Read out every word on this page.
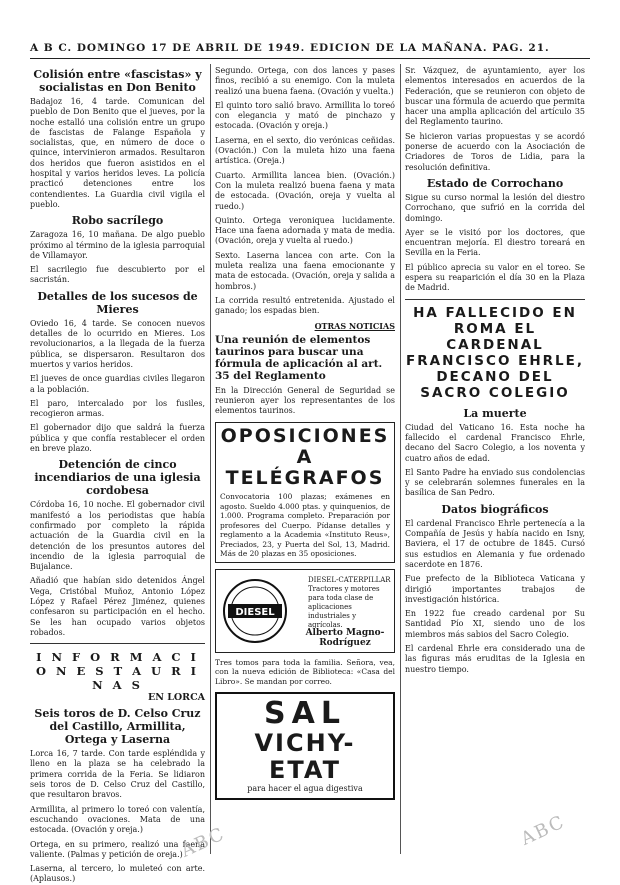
A B C. DOMINGO 17 DE ABRIL DE 1949. EDICION DE LA MAÑANA. PAG. 21.
Colisión entre «fascistas» y socialistas en Don Benito

Badajoz 16, 4 tarde. Comunican del pueblo de Don Benito que el jueves, por la noche estalló una colisión entre un grupo de fascistas de Falange Española y socialistas, que, en número de doce o quince, intervinieron armados. Resultaron dos heridos que fueron asistidos en el hospital y varios heridos leves. La policía practicó detenciones entre los contendientes. La Guardia civil vigila el pueblo.

Robo sacrílego

Zaragoza 16, 10 mañana. De algo pueblo próximo al término de la iglesia parroquial de Villamayor.

El sacrilegio fue descubierto por el sacristán.

Detalles de los sucesos de Mieres

Oviedo 16, 4 tarde. Se conocen nuevos detalles de lo ocurrido en Mieres. Los revolucionarios, a la llegada de la fuerza pública, se dispersaron. Resultaron dos muertos y varios heridos.

El jueves de once guardias civiles llegaron a la población.

El paro, intercalado por los fusiles, recogieron armas.

El gobernador dijo que saldrá la fuerza pública y que confía restablecer el orden en breve plazo.

Detención de cinco incendiarios de una iglesia cordobesa

Córdoba 16, 10 noche. El gobernador civil manifestó a los periodistas que había confirmado por completo la rápida actuación de la Guardia civil en la detención de los presuntos autores del incendio de la iglesia parroquial de Bujalance.

Añadió que habían sido detenidos Ángel Vega, Cristóbal Muñoz, Antonio López López y Rafael Pérez Jiménez, quienes confesaron su participación en el hecho. Se les han ocupado varios objetos robados.

I N F O R M A C I O N E S T A U R I N A S
EN LORCA
Seis toros de D. Celso Cruz del Castillo, Armillita, Ortega y Laserna

Lorca 16, 7 tarde. Con tarde espléndida y lleno en la plaza se ha celebrado la primera corrida de la Feria. Se lidiaron seis toros de D. Celso Cruz del Castillo, que resultaron bravos.

Armillita, al primero lo toreó con valentía, escuchando ovaciones. Mata de una estocada. (Ovación y oreja.)

Ortega, en su primero, realizó una faena valiente. (Palmas y petición de oreja.)

Laserna, al tercero, lo muleteó con arte. (Aplausos.)

Segundo. Ortega, con dos lances y pases finos, recibió a su enemigo. Con la muleta realizó una buena faena. (Ovación y vuelta.)

El quinto toro salió bravo. Armillita lo toreó con elegancia y mató de pinchazo y estocada. (Ovación y oreja.)

Laserna, en el sexto, dio verónicas ceñidas. (Ovación.) Con la muleta hizo una faena artística. (Oreja.)

Cuarto. Armillita lancea bien. (Ovación.) Con la muleta realizó buena faena y mata de estocada. (Ovación, oreja y vuelta al ruedo.)

Quinto. Ortega veroniquea lucidamente. Hace una faena adornada y mata de media. (Ovación, oreja y vuelta al ruedo.)

Sexto. Laserna lancea con arte. Con la muleta realiza una faena emocionante y mata de estocada. (Ovación, oreja y salida a hombros.)

La corrida resultó entretenida. Ajustado el ganado; los espadas bien.

OTRAS NOTICIAS
Una reunión de elementos taurinos para buscar una fórmula de aplicación al art. 35 del Reglamento

En la Dirección General de Seguridad se reunieron ayer los representantes de los elementos taurinos.

OPOSICIONES
A TELÉGRAFOS
Convocatoria 100 plazas; exámenes en agosto. Sueldo 4.000 ptas. y quinquenios, de 1.000. Programa completo. Preparación por profesores del Cuerpo. Pídanse detalles y reglamento a la Academia «Instituto Reus», Preciados, 23, y Puerta del Sol, 13, Madrid. Más de 20 plazas en 35 oposiciones.
DIESEL
DIESEL-CATERPILLAR Tractores y motores para toda clase de aplicaciones industriales y agrícolas.
Alberto Magno-Rodríguez
Tres tomos para toda la familia. Señora, vea, con la nueva edición de Biblioteca: «Casa del Libro». Se mandan por correo.
SAL
VICHY-ETAT
para hacer el agua digestiva

Sr. Vázquez, de ayuntamiento, ayer los elementos interesados en acuerdos de la Federación, que se reunieron con objeto de buscar una fórmula de acuerdo que permita hacer una amplia aplicación del artículo 35 del Reglamento taurino.

Se hicieron varias propuestas y se acordó ponerse de acuerdo con la Asociación de Criadores de Toros de Lidia, para la resolución definitiva.

Estado de Corrochano

Sigue su curso normal la lesión del diestro Corrochano, que sufrió en la corrida del domingo.

Ayer se le visitó por los doctores, que encuentran mejoría. El diestro toreará en Sevilla en la Feria.

El público aprecia su valor en el toreo. Se espera su reaparición el día 30 en la Plaza de Madrid.

HA FALLECIDO EN ROMA EL CARDENAL FRANCISCO EHRLE, DECANO DEL SACRO COLEGIO
La muerte

Ciudad del Vaticano 16. Esta noche ha fallecido el cardenal Francisco Ehrle, decano del Sacro Colegio, a los noventa y cuatro años de edad.

El Santo Padre ha enviado sus condolencias y se celebrarán solemnes funerales en la basílica de San Pedro.

Datos biográficos

El cardenal Francisco Ehrle pertenecía a la Compañía de Jesús y había nacido en Isny, Baviera, el 17 de octubre de 1845. Cursó sus estudios en Alemania y fue ordenado sacerdote en 1876.

Fue prefecto de la Biblioteca Vaticana y dirigió importantes trabajos de investigación histórica.

En 1922 fue creado cardenal por Su Santidad Pío XI, siendo uno de los miembros más sabios del Sacro Colegio.

El cardenal Ehrle era considerado una de las figuras más eruditas de la Iglesia en nuestro tiempo.

ABC	ABC
